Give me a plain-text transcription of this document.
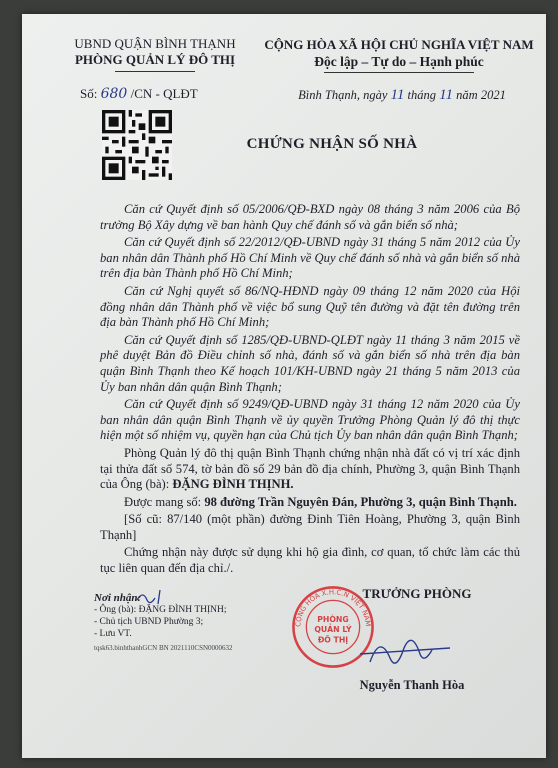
UBND QUẬN BÌNH THẠNH
PHÒNG QUẢN LÝ ĐÔ THỊ
CỘNG HÒA XÃ HỘI CHỦ NGHĨA VIỆT NAM
Độc lập – Tự do – Hạnh phúc
Số: 680 /CN - QLĐT	Bình Thạnh, ngày 11 tháng 11 năm 2021
CHỨNG NHẬN SỐ NHÀ

Căn cứ Quyết định số 05/2006/QĐ-BXD ngày 08 tháng 3 năm 2006 của Bộ trưởng Bộ Xây dựng về ban hành Quy chế đánh số và gắn biển số nhà;

Căn cứ Quyết định số 22/2012/QĐ-UBND ngày 31 tháng 5 năm 2012 của Ủy ban nhân dân Thành phố Hồ Chí Minh về Quy chế đánh số nhà và gắn biển số nhà trên địa bàn Thành phố Hồ Chí Minh;

Căn cứ Nghị quyết số 86/NQ-HĐND ngày 09 tháng 12 năm 2020 của Hội đồng nhân dân Thành phố về việc bổ sung Quỹ tên đường và đặt tên đường trên địa bàn Thành phố Hồ Chí Minh;

Căn cứ Quyết định số 1285/QĐ-UBND-QLĐT ngày 11 tháng 3 năm 2015 về phê duyệt Bản đồ Điều chỉnh số nhà, đánh số và gắn biển số nhà trên địa bàn quận Bình Thạnh theo Kế hoạch 101/KH-UBND ngày 21 tháng 5 năm 2013 của Ủy ban nhân dân quận Bình Thạnh;

Căn cứ Quyết định số 9249/QĐ-UBND ngày 31 tháng 12 năm 2020 của Ủy ban nhân dân quận Bình Thạnh về ủy quyền Trưởng Phòng Quản lý đô thị thực hiện một số nhiệm vụ, quyền hạn của Chủ tịch Ủy ban nhân dân quận Bình Thạnh;

Phòng Quản lý đô thị quận Bình Thạnh chứng nhận nhà đất có vị trí xác định tại thửa đất số 574, tờ bản đồ số 29 bản đồ địa chính, Phường 3, quận Bình Thạnh của Ông (bà): ĐẶNG ĐÌNH THỊNH.

Được mang số: 98 đường Trần Nguyên Đán, Phường 3, quận Bình Thạnh.

[Số cũ: 87/140 (một phần) đường Đinh Tiên Hoàng, Phường 3, quận Bình Thạnh]

Chứng nhận này được sử dụng khi hộ gia đình, cơ quan, tổ chức làm các thủ tục liên quan đến địa chỉ./.

Nơi nhận:
- Ông (bà): ĐẶNG ĐÌNH THỊNH;
- Chủ tịch UBND Phường 3;
- Lưu VT.
tqsk63.binhthanhGCN BN 2021110CSN0000632
TRƯỞNG PHÒNG
CỘNG HÒA X.H.C.N VIỆT NAM
PHÒNG
QUẢN LÝ
ĐÔ THỊ
Nguyễn Thanh Hòa
